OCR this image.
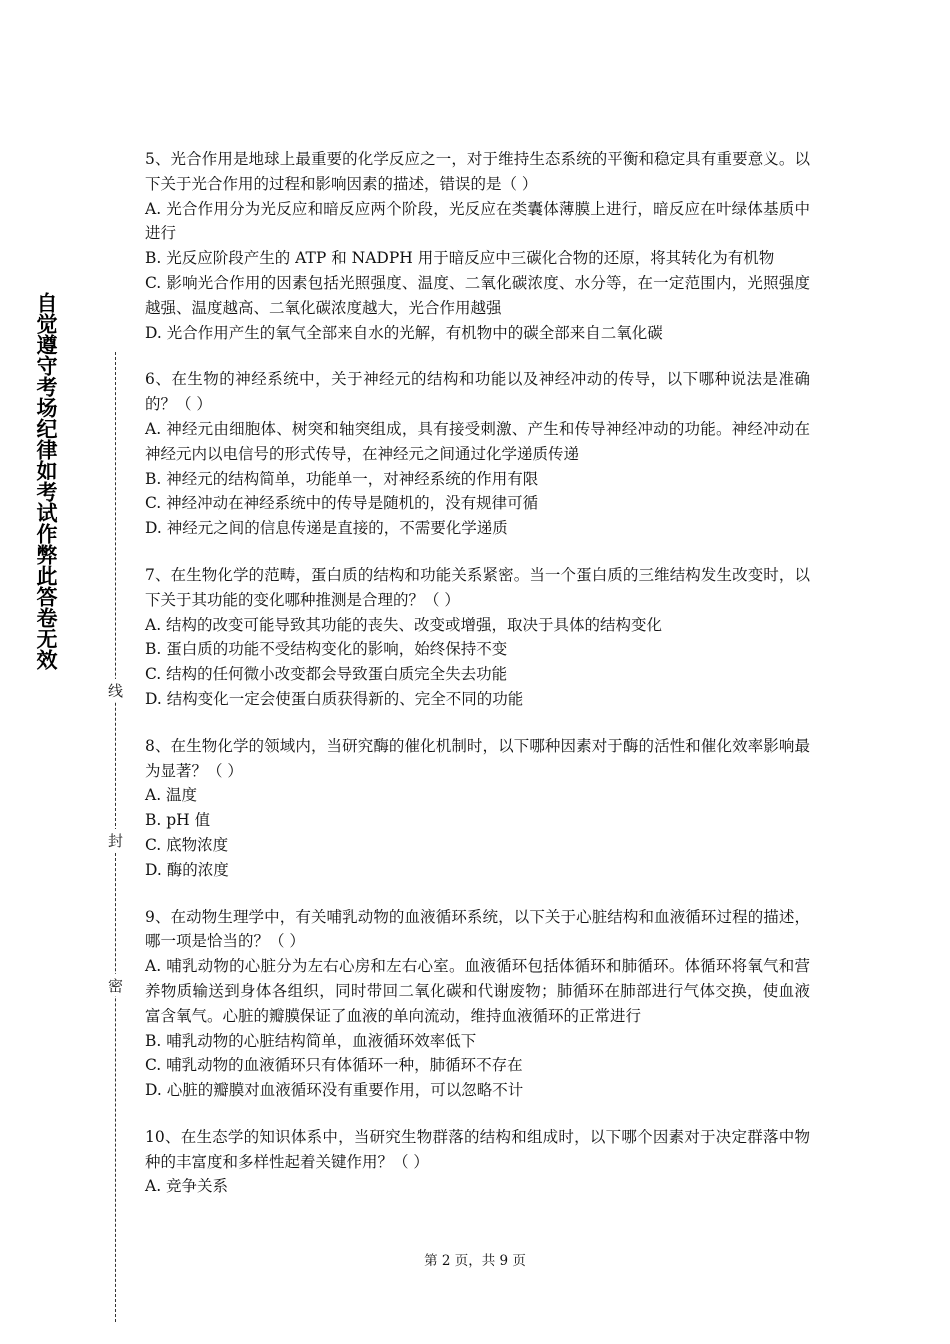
自觉遵守考场纪律如考试作弊此答卷无效
线
封
密

5、光合作用是地球上最重要的化学反应之一，对于维持生态系统的平衡和稳定具有重要意义。以下关于光合作用的过程和影响因素的描述，错误的是（ ）

A. 光合作用分为光反应和暗反应两个阶段，光反应在类囊体薄膜上进行，暗反应在叶绿体基质中进行

B. 光反应阶段产生的 ATP 和 NADPH 用于暗反应中三碳化合物的还原，将其转化为有机物

C. 影响光合作用的因素包括光照强度、温度、二氧化碳浓度、水分等，在一定范围内，光照强度越强、温度越高、二氧化碳浓度越大，光合作用越强

D. 光合作用产生的氧气全部来自水的光解，有机物中的碳全部来自二氧化碳

6、在生物的神经系统中，关于神经元的结构和功能以及神经冲动的传导，以下哪种说法是准确的？（ ）

A. 神经元由细胞体、树突和轴突组成，具有接受刺激、产生和传导神经冲动的功能。神经冲动在神经元内以电信号的形式传导，在神经元之间通过化学递质传递

B. 神经元的结构简单，功能单一，对神经系统的作用有限

C. 神经冲动在神经系统中的传导是随机的，没有规律可循

D. 神经元之间的信息传递是直接的，不需要化学递质

7、在生物化学的范畴，蛋白质的结构和功能关系紧密。当一个蛋白质的三维结构发生改变时，以下关于其功能的变化哪种推测是合理的？（ ）

A. 结构的改变可能导致其功能的丧失、改变或增强，取决于具体的结构变化

B. 蛋白质的功能不受结构变化的影响，始终保持不变

C. 结构的任何微小改变都会导致蛋白质完全失去功能

D. 结构变化一定会使蛋白质获得新的、完全不同的功能

8、在生物化学的领域内，当研究酶的催化机制时，以下哪种因素对于酶的活性和催化效率影响最为显著？（ ）

A. 温度

B. pH 值

C. 底物浓度

D. 酶的浓度

9、在动物生理学中，有关哺乳动物的血液循环系统，以下关于心脏结构和血液循环过程的描述，哪一项是恰当的？（ ）

A. 哺乳动物的心脏分为左右心房和左右心室。血液循环包括体循环和肺循环。体循环将氧气和营养物质输送到身体各组织，同时带回二氧化碳和代谢废物；肺循环在肺部进行气体交换，使血液富含氧气。心脏的瓣膜保证了血液的单向流动，维持血液循环的正常进行

B. 哺乳动物的心脏结构简单，血液循环效率低下

C. 哺乳动物的血液循环只有体循环一种，肺循环不存在

D. 心脏的瓣膜对血液循环没有重要作用，可以忽略不计

10、在生态学的知识体系中，当研究生物群落的结构和组成时，以下哪个因素对于决定群落中物种的丰富度和多样性起着关键作用？（ ）

A. 竞争关系

第 2 页，共 9 页
